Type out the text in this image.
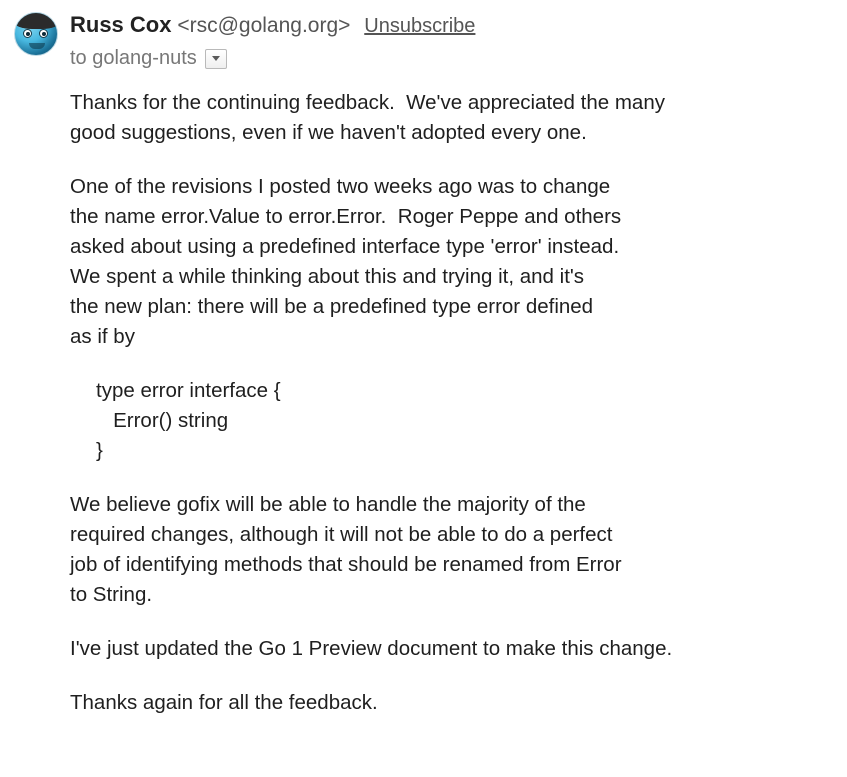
Russ Cox <rsc@golang.org> Unsubscribe
to golang-nuts

Thanks for the continuing feedback.  We've appreciated the many
good suggestions, even if we haven't adopted every one.

One of the revisions I posted two weeks ago was to change
the name error.Value to error.Error.  Roger Peppe and others
asked about using a predefined interface type 'error' instead.
We spent a while thinking about this and trying it, and it's
the new plan: there will be a predefined type error defined
as if by

type error interface {
Error() string
}

We believe gofix will be able to handle the majority of the
required changes, although it will not be able to do a perfect
job of identifying methods that should be renamed from Error
to String.

I've just updated the Go 1 Preview document to make this change.

Thanks again for all the feedback.
